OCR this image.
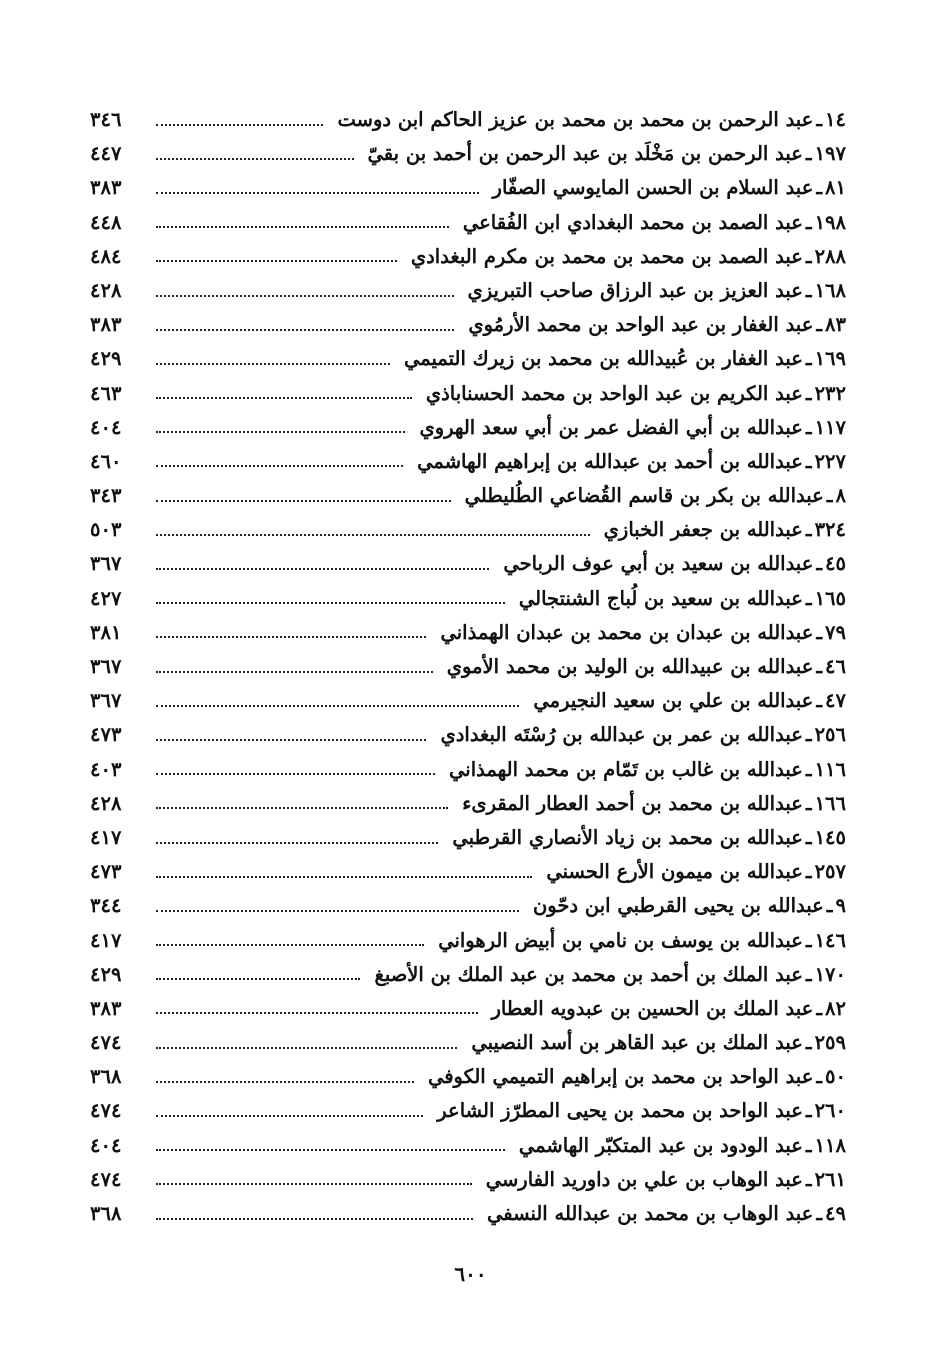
١٤
ـ
عبد الرحمن بن محمد بن محمد بن عزيز الحاكم ابن دوست
٣٤٦
١٩٧
ـ
عبد الرحمن بن مَخْلَد بن عبد الرحمن بن أحمد بن بقيّ
٤٤٧
٨١
ـ
عبد السلام بن الحسن المايوسي الصفّار
٣٨٣
١٩٨
ـ
عبد الصمد بن محمد البغدادي ابن الفُقاعي
٤٤٨
٢٨٨
ـ
عبد الصمد بن محمد بن محمد بن مكرم البغدادي
٤٨٤
١٦٨
ـ
عبد العزيز بن عبد الرزاق صاحب التبريزي
٤٢٨
٨٣
ـ
عبد الغفار بن عبد الواحد بن محمد الأرمُوي
٣٨٣
١٦٩
ـ
عبد الغفار بن عُبيدالله بن محمد بن زيرك التميمي
٤٢٩
٢٣٢
ـ
عبد الكريم بن عبد الواحد بن محمد الحسناباذي
٤٦٣
١١٧
ـ
عبدالله بن أبي الفضل عمر بن أبي سعد الهروي
٤٠٤
٢٢٧
ـ
عبدالله بن أحمد بن عبدالله بن إبراهيم الهاشمي
٤٦٠
٨
ـ
عبدالله بن بكر بن قاسم القُضاعي الطُليطلي
٣٤٣
٣٢٤
ـ
عبدالله بن جعفر الخبازي
٥٠٣
٤٥
ـ
عبدالله بن سعيد بن أبي عوف الرباحي
٣٦٧
١٦٥
ـ
عبدالله بن سعيد بن لُباج الشنتجالي
٤٢٧
٧٩
ـ
عبدالله بن عبدان بن محمد بن عبدان الهمذاني
٣٨١
٤٦
ـ
عبدالله بن عبيدالله بن الوليد بن محمد الأموي
٣٦٧
٤٧
ـ
عبدالله بن علي بن سعيد النجيرمي
٣٦٧
٢٥٦
ـ
عبدالله بن عمر بن عبدالله بن رُسْتَه البغدادي
٤٧٣
١١٦
ـ
عبدالله بن غالب بن تَمّام بن محمد الهمذاني
٤٠٣
١٦٦
ـ
عبدالله بن محمد بن أحمد العطار المقرىء
٤٢٨
١٤٥
ـ
عبدالله بن محمد بن زياد الأنصاري القرطبي
٤١٧
٢٥٧
ـ
عبدالله بن ميمون الأرع الحسني
٤٧٣
٩
ـ
عبدالله بن يحيى القرطبي ابن دحّون
٣٤٤
١٤٦
ـ
عبدالله بن يوسف بن نامي بن أبيض الرهواني
٤١٧
١٧٠
ـ
عبد الملك بن أحمد بن محمد بن عبد الملك بن الأصبغ
٤٢٩
٨٢
ـ
عبد الملك بن الحسين بن عبدويه العطار
٣٨٣
٢٥٩
ـ
عبد الملك بن عبد القاهر بن أسد النصيبي
٤٧٤
٥٠
ـ
عبد الواحد بن محمد بن إبراهيم التميمي الكوفي
٣٦٨
٢٦٠
ـ
عبد الواحد بن محمد بن يحيى المطرّز الشاعر
٤٧٤
١١٨
ـ
عبد الودود بن عبد المتكبّر الهاشمي
٤٠٤
٢٦١
ـ
عبد الوهاب بن علي بن داوريد الفارسي
٤٧٤
٤٩
ـ
عبد الوهاب بن محمد بن عبدالله النسفي
٣٦٨
٦٠٠
